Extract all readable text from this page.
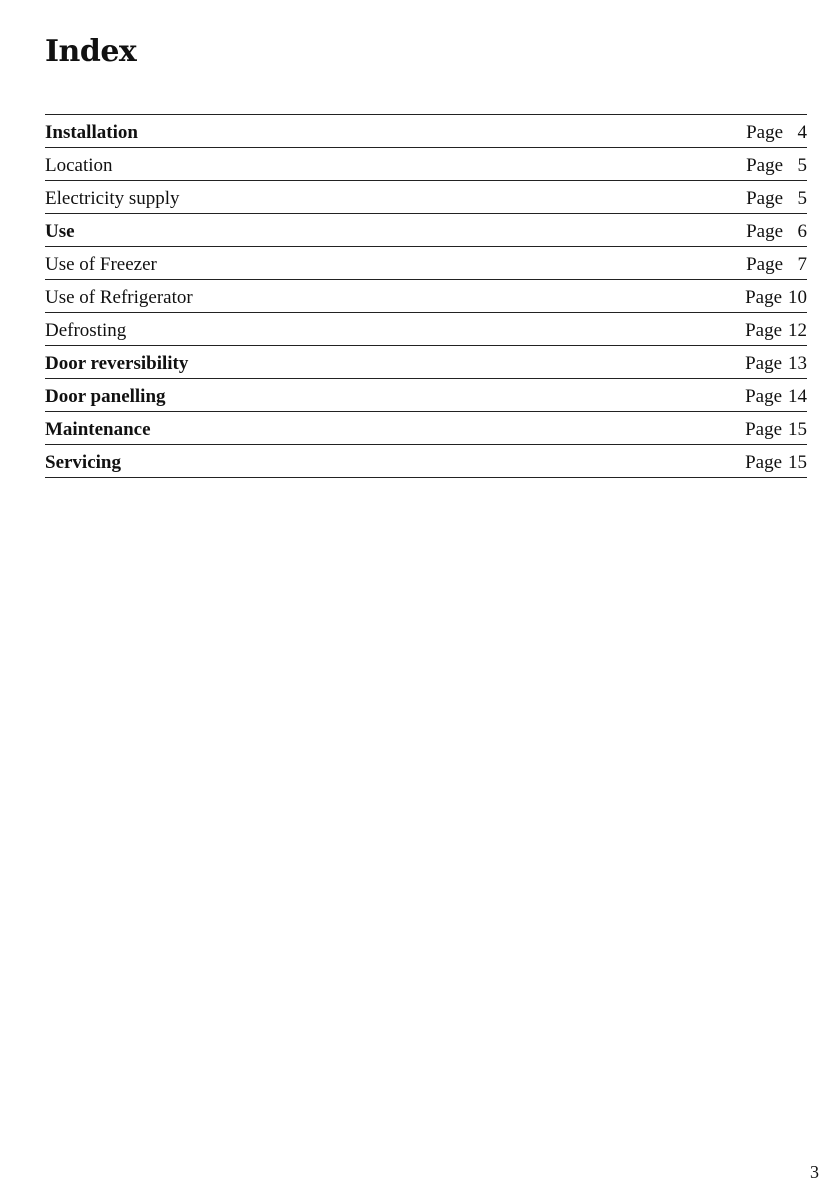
Index
Installation	Page 4
Location	Page 5
Electricity supply	Page 5
Use	Page 6
Use of Freezer	Page 7
Use of Refrigerator	Page 10
Defrosting	Page 12
Door reversibility	Page 13
Door panelling	Page 14
Maintenance	Page 15
Servicing	Page 15
3
